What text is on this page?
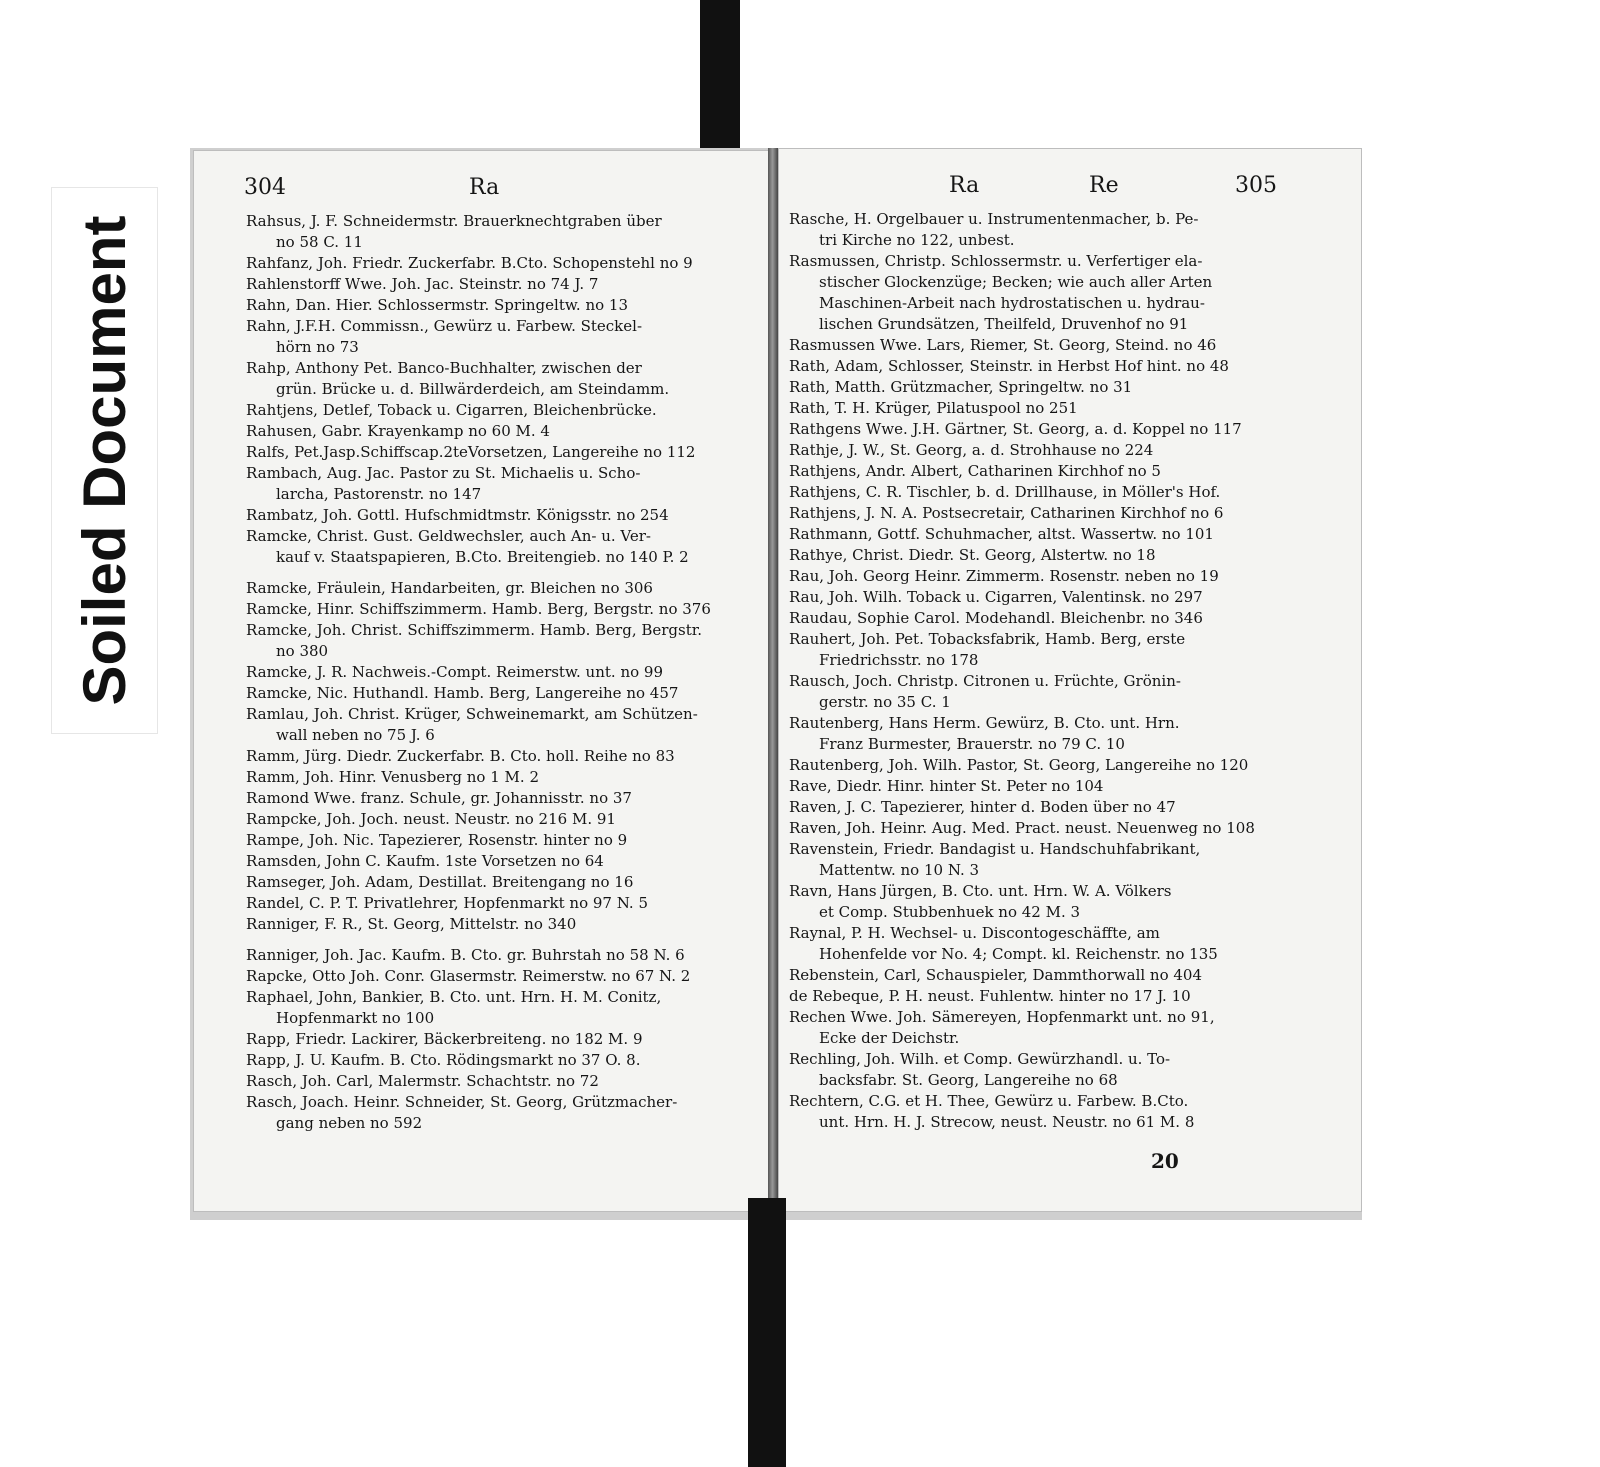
Soiled Document
304	Ra
Rahsus, J. F. Schneidermstr. Brauerknechtgraben über
no 58 C. 11
Rahfanz, Joh. Friedr. Zuckerfabr. B.Cto. Schopenstehl no 9
Rahlenstorff Wwe. Joh. Jac. Steinstr. no 74 J. 7
Rahn, Dan. Hier. Schlossermstr. Springeltw. no 13
Rahn, J.F.H. Commissn., Gewürz u. Farbew. Steckel-
hörn no 73
Rahp, Anthony Pet. Banco-Buchhalter, zwischen der
grün. Brücke u. d. Billwärderdeich, am Steindamm.
Rahtjens, Detlef, Toback u. Cigarren, Bleichenbrücke.
Rahusen, Gabr. Krayenkamp no 60 M. 4
Ralfs, Pet.Jasp.Schiffscap.2teVorsetzen, Langereihe no 112
Rambach, Aug. Jac. Pastor zu St. Michaelis u. Scho-
larcha, Pastorenstr. no 147
Rambatz, Joh. Gottl. Hufschmidtmstr. Königsstr. no 254
Ramcke, Christ. Gust. Geldwechsler, auch An- u. Ver-
kauf v. Staatspapieren, B.Cto. Breitengieb. no 140 P. 2
Ramcke, Fräulein, Handarbeiten, gr. Bleichen no 306
Ramcke, Hinr. Schiffszimmerm. Hamb. Berg, Bergstr. no 376
Ramcke, Joh. Christ. Schiffszimmerm. Hamb. Berg, Bergstr.
no 380
Ramcke, J. R. Nachweis.-Compt. Reimerstw. unt. no 99
Ramcke, Nic. Huthandl. Hamb. Berg, Langereihe no 457
Ramlau, Joh. Christ. Krüger, Schweinemarkt, am Schützen-
wall neben no 75 J. 6
Ramm, Jürg. Diedr. Zuckerfabr. B. Cto. holl. Reihe no 83
Ramm, Joh. Hinr. Venusberg no 1 M. 2
Ramond Wwe. franz. Schule, gr. Johannisstr. no 37
Rampcke, Joh. Joch. neust. Neustr. no 216 M. 91
Rampe, Joh. Nic. Tapezierer, Rosenstr. hinter no 9
Ramsden, John C. Kaufm. 1ste Vorsetzen no 64
Ramseger, Joh. Adam, Destillat. Breitengang no 16
Randel, C. P. T. Privatlehrer, Hopfenmarkt no 97 N. 5
Ranniger, F. R., St. Georg, Mittelstr. no 340
Ranniger, Joh. Jac. Kaufm. B. Cto. gr. Buhrstah no 58 N. 6
Rapcke, Otto Joh. Conr. Glasermstr. Reimerstw. no 67 N. 2
Raphael, John, Bankier, B. Cto. unt. Hrn. H. M. Conitz,
Hopfenmarkt no 100
Rapp, Friedr. Lackirer, Bäckerbreiteng. no 182 M. 9
Rapp, J. U. Kaufm. B. Cto. Rödingsmarkt no 37 O. 8.
Rasch, Joh. Carl, Malermstr. Schachtstr. no 72
Rasch, Joach. Heinr. Schneider, St. Georg, Grützmacher-
gang neben no 592
Ra	Re	305
Rasche, H. Orgelbauer u. Instrumentenmacher, b. Pe-
tri Kirche no 122, unbest.
Rasmussen, Christp. Schlossermstr. u. Verfertiger ela-
stischer Glockenzüge; Becken; wie auch aller Arten
Maschinen-Arbeit nach hydrostatischen u. hydrau-
lischen Grundsätzen, Theilfeld, Druvenhof no 91
Rasmussen Wwe. Lars, Riemer, St. Georg, Steind. no 46
Rath, Adam, Schlosser, Steinstr. in Herbst Hof hint. no 48
Rath, Matth. Grützmacher, Springeltw. no 31
Rath, T. H. Krüger, Pilatuspool no 251
Rathgens Wwe. J.H. Gärtner, St. Georg, a. d. Koppel no 117
Rathje, J. W., St. Georg, a. d. Strohhause no 224
Rathjens, Andr. Albert, Catharinen Kirchhof no 5
Rathjens, C. R. Tischler, b. d. Drillhause, in Möller's Hof.
Rathjens, J. N. A. Postsecretair, Catharinen Kirchhof no 6
Rathmann, Gottf. Schuhmacher, altst. Wassertw. no 101
Rathye, Christ. Diedr. St. Georg, Alstertw. no 18
Rau, Joh. Georg Heinr. Zimmerm. Rosenstr. neben no 19
Rau, Joh. Wilh. Toback u. Cigarren, Valentinsk. no 297
Raudau, Sophie Carol. Modehandl. Bleichenbr. no 346
Rauhert, Joh. Pet. Tobacksfabrik, Hamb. Berg, erste
Friedrichsstr. no 178
Rausch, Joch. Christp. Citronen u. Früchte, Grönin-
gerstr. no 35 C. 1
Rautenberg, Hans Herm. Gewürz, B. Cto. unt. Hrn.
Franz Burmester, Brauerstr. no 79 C. 10
Rautenberg, Joh. Wilh. Pastor, St. Georg, Langereihe no 120
Rave, Diedr. Hinr. hinter St. Peter no 104
Raven, J. C. Tapezierer, hinter d. Boden über no 47
Raven, Joh. Heinr. Aug. Med. Pract. neust. Neuenweg no 108
Ravenstein, Friedr. Bandagist u. Handschuhfabrikant,
Mattentw. no 10 N. 3
Ravn, Hans Jürgen, B. Cto. unt. Hrn. W. A. Völkers
et Comp. Stubbenhuek no 42 M. 3
Raynal, P. H. Wechsel- u. Discontogeschäffte, am
Hohenfelde vor No. 4; Compt. kl. Reichenstr. no 135
Rebenstein, Carl, Schauspieler, Dammthorwall no 404
de Rebeque, P. H. neust. Fuhlentw. hinter no 17 J. 10
Rechen Wwe. Joh. Sämereyen, Hopfenmarkt unt. no 91,
Ecke der Deichstr.
Rechling, Joh. Wilh. et Comp. Gewürzhandl. u. To-
backsfabr. St. Georg, Langereihe no 68
Rechtern, C.G. et H. Thee, Gewürz u. Farbew. B.Cto.
unt. Hrn. H. J. Strecow, neust. Neustr. no 61 M. 8
20
